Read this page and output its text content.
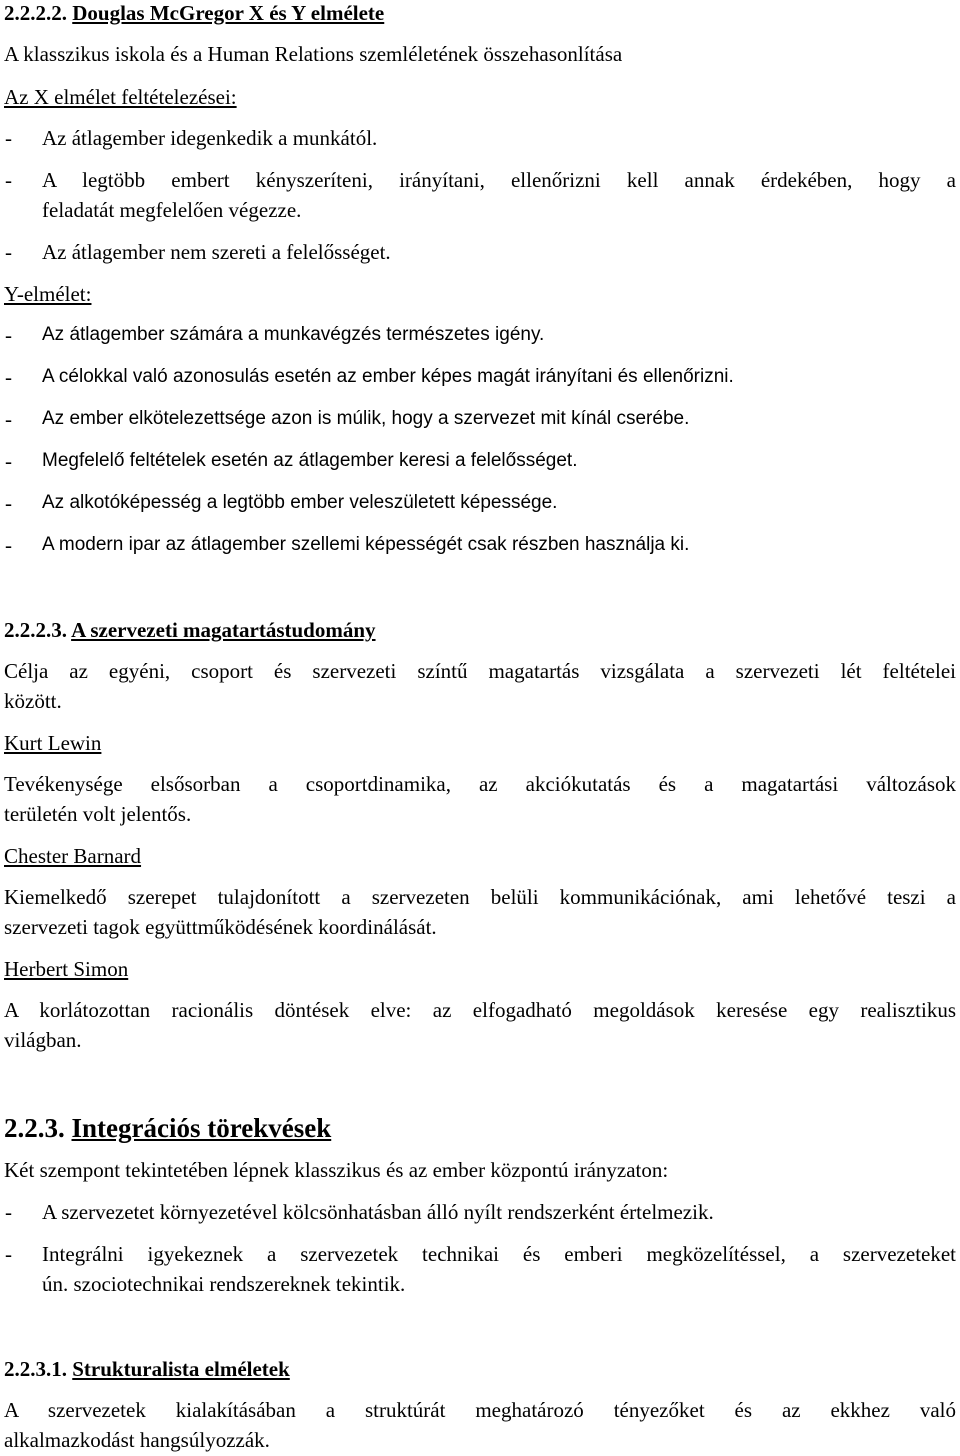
2.2.2.2. Douglas McGregor X és Y elmélete
A klasszikus iskola és a Human Relations szemléletének összehasonlítása
Az X elmélet feltételezései:
- Az átlagember idegenkedik a munkától.
- A legtöbb embert kényszeríteni, irányítani, ellenőrizni kell annak érdekében, hogy a
feladatát megfelelően végezze.
- Az átlagember nem szereti a felelősséget.
Y-elmélet:
- Az átlagember számára a munkavégzés természetes igény.
- A célokkal való azonosulás esetén az ember képes magát irányítani és ellenőrizni.
- Az ember elkötelezettsége azon is múlik, hogy a szervezet mit kínál cserébe.
- Megfelelő feltételek esetén az átlagember keresi a felelősséget.
- Az alkotóképesség a legtöbb ember veleszületett képessége.
- A modern ipar az átlagember szellemi képességét csak részben használja ki.
2.2.2.3. A szervezeti magatartástudomány
Célja az egyéni, csoport és szervezeti színtű magatartás vizsgálata a szervezeti lét feltételei
között.
Kurt Lewin
Tevékenysége elsősorban a csoportdinamika, az akciókutatás és a magatartási változások
területén volt jelentős.
Chester Barnard
Kiemelkedő szerepet tulajdonított a szervezeten belüli kommunikációnak, ami lehetővé teszi a
szervezeti tagok együttműködésének koordinálását.
Herbert Simon
A korlátozottan racionális döntések elve: az elfogadható megoldások keresése egy realisztikus
világban.
2.2.3. Integrációs törekvések
Két szempont tekintetében lépnek klasszikus és az ember központú irányzaton:
- A szervezetet környezetével kölcsönhatásban álló nyílt rendszerként értelmezik.
- Integrálni igyekeznek a szervezetek technikai és emberi megközelítéssel, a szervezeteket
ún. szociotechnikai rendszereknek tekintik.
2.2.3.1. Strukturalista elméletek
A szervezetek kialakításában a struktúrát meghatározó tényezőket és az ekkhez való
alkalmazkodást hangsúlyozzák.
